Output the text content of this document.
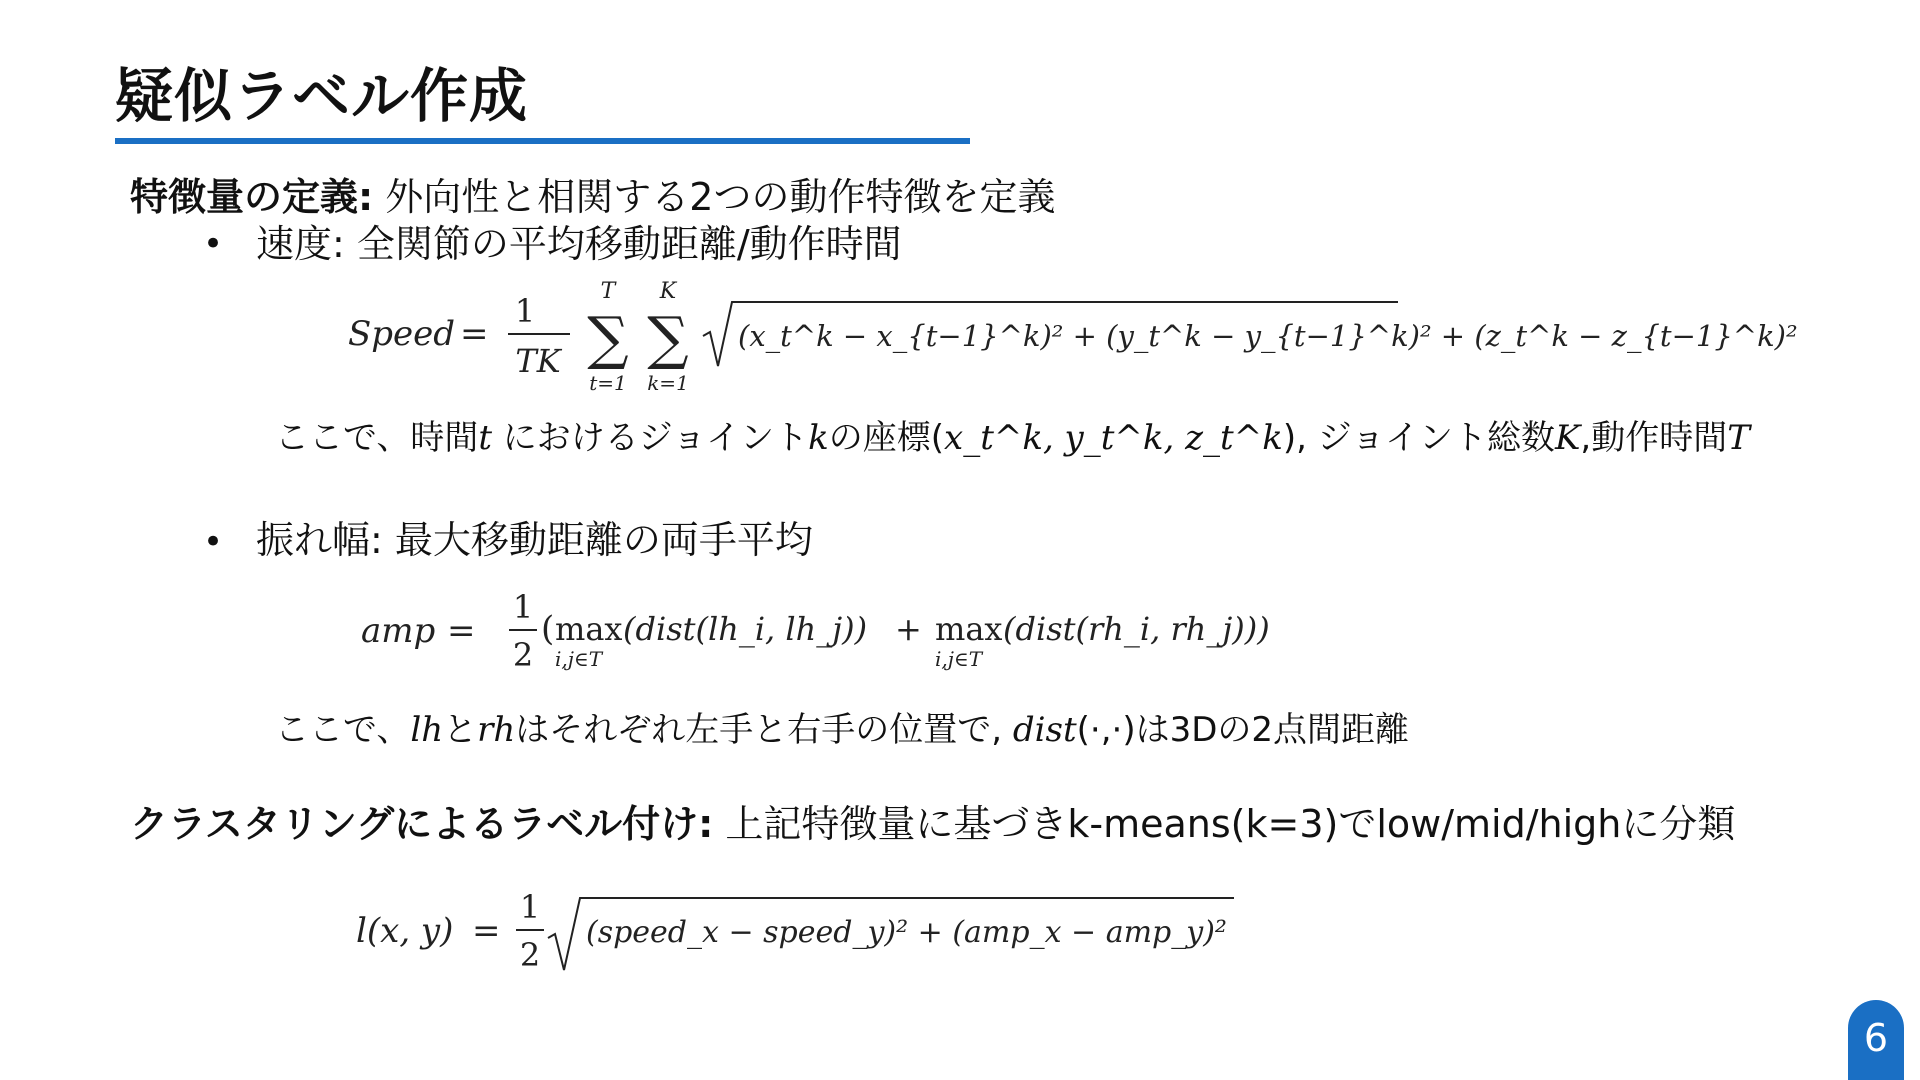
疑似ラベル作成
特徴量の定義: 外向性と相関する2つの動作特徴を定義
• 速度: 全関節の平均移動距離/動作時間
Speed =
1
TK
T
∑
t=1
K
∑
k=1
(x_t^k − x_{t−1}^k)² + (y_t^k − y_{t−1}^k)² + (z_t^k − z_{t−1}^k)²
ここで、時間t におけるジョイントkの座標(x_t^k, y_t^k, z_t^k), ジョイント総数K,動作時間T
• 振れ幅: 最大移動距離の両手平均
amp =
1
2
( max
i,j∈T
(dist(lh_i, lh_j)) + max
i,j∈T
(dist(rh_i, rh_j)))
ここで、lhとrhはそれぞれ左手と右手の位置で, dist(·,·)は3Dの2点間距離
クラスタリングによるラベル付け: 上記特徴量に基づきk-means(k=3)でlow/mid/highに分類
l(x, y) =
1
2
(speed_x − speed_y)² + (amp_x − amp_y)²
6
